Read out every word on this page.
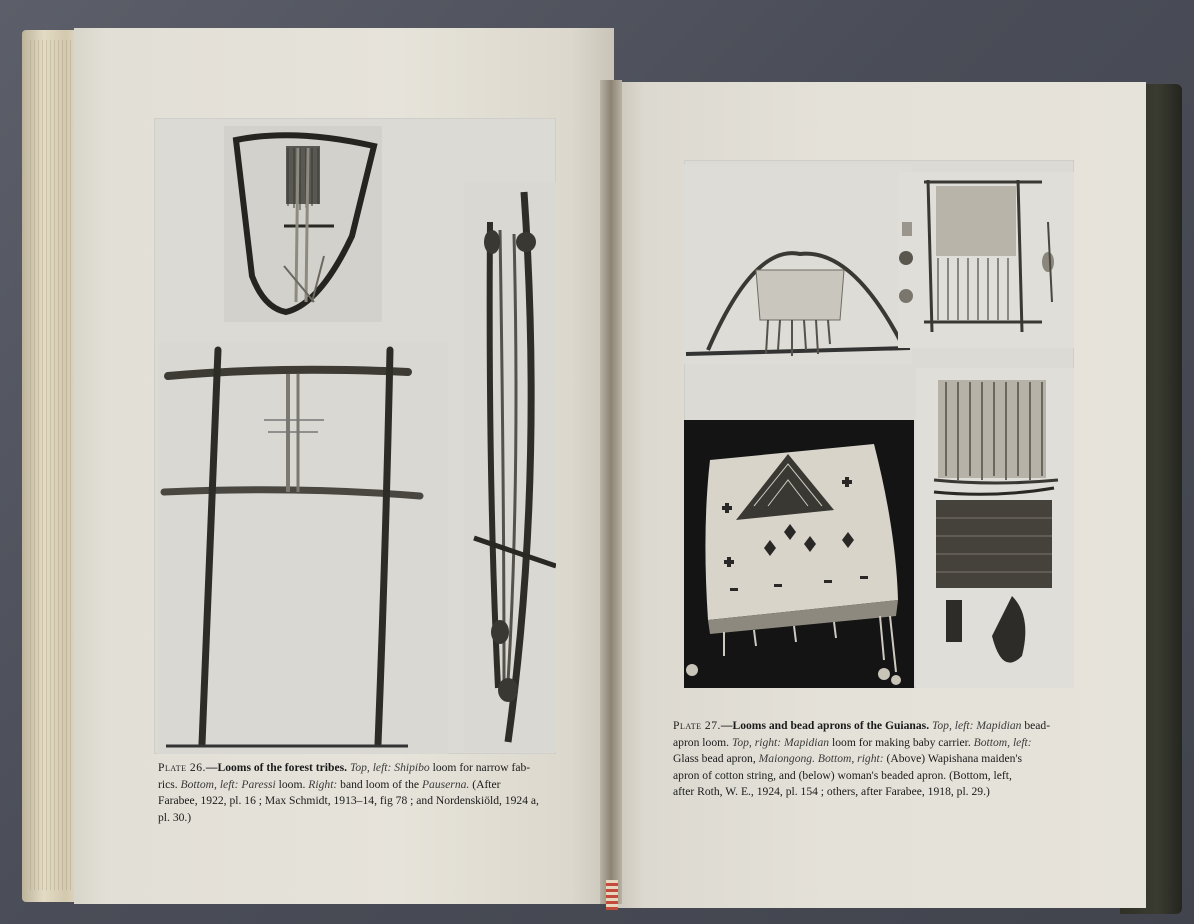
Plate 26.—Looms of the forest tribes. Top, left: Shipibo loom for narrow fab-
rics. Bottom, left: Paressi loom. Right: band loom of the Pauserna. (After
Farabee, 1922, pl. 16 ; Max Schmidt, 1913–14, fig 78 ; and Nordenskiöld, 1924 a,
pl. 30.)
Plate 27.—Looms and bead aprons of the Guianas. Top, left: Mapidian bead-
apron loom. Top, right: Mapidian loom for making baby carrier. Bottom, left:
Glass bead apron, Maiongong. Bottom, right: (Above) Wapishana maiden's
apron of cotton string, and (below) woman's beaded apron. (Bottom, left,
after Roth, W. E., 1924, pl. 154 ; others, after Farabee, 1918, pl. 29.)
